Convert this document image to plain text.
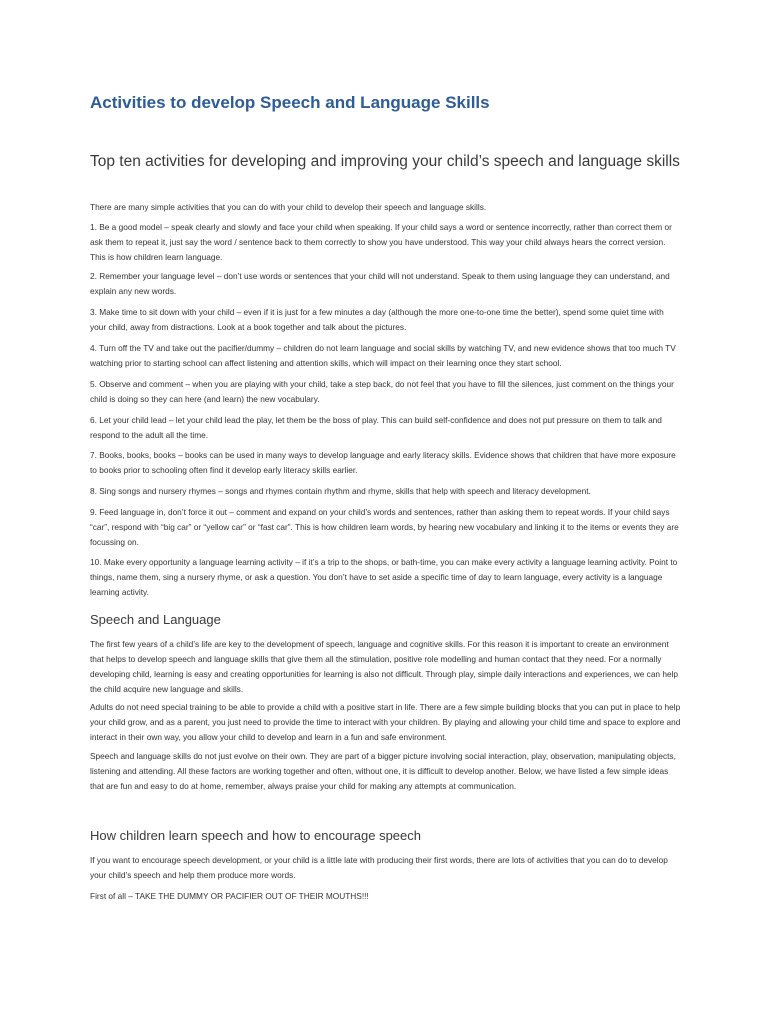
Activities to develop Speech and Language Skills
Top ten activities for developing and improving your child’s speech and language skills

There are many simple activities that you can do with your child to develop their speech and language skills.

1. Be a good model – speak clearly and slowly and face your child when speaking. If your child says a word or sentence incorrectly, rather than correct them or ask them to repeat it, just say the word / sentence back to them correctly to show you have understood. This way your child always hears the correct version. This is how children learn language.

2. Remember your language level – don’t use words or sentences that your child will not understand. Speak to them using language they can understand, and explain any new words.

3. Make time to sit down with your child – even if it is just for a few minutes a day (although the more one-to-one time the better), spend some quiet time with your child, away from distractions. Look at a book together and talk about the pictures.

4. Turn off the TV and take out the pacifier/dummy – children do not learn language and social skills by watching TV, and new evidence shows that too much TV watching prior to starting school can affect listening and attention skills, which will impact on their learning once they start school.

5. Observe and comment – when you are playing with your child, take a step back, do not feel that you have to fill the silences, just comment on the things your child is doing so they can here (and learn) the new vocabulary.

6. Let your child lead – let your child lead the play, let them be the boss of play. This can build self-confidence and does not put pressure on them to talk and respond to the adult all the time.

7. Books, books, books – books can be used in many ways to develop language and early literacy skills. Evidence shows that children that have more exposure to books prior to schooling often find it develop early literacy skills earlier.

8. Sing songs and nursery rhymes – songs and rhymes contain rhythm and rhyme, skills that help with speech and literacy development.

9. Feed language in, don’t force it out – comment and expand on your child’s words and sentences, rather than asking them to repeat words. If your child says “car”, respond with “big car” or “yellow car” or “fast car”. This is how children learn words, by hearing new vocabulary and linking it to the items or events they are focussing on.

10. Make every opportunity a language learning activity – if it’s a trip to the shops, or bath-time, you can make every activity a language learning activity. Point to things, name them, sing a nursery rhyme, or ask a question. You don’t have to set aside a specific time of day to learn language, every activity is a language learning activity.

Speech and Language

The first few years of a child’s life are key to the development of speech, language and cognitive skills. For this reason it is important to create an environment that helps to develop speech and language skills that give them all the stimulation, positive role modelling and human contact that they need. For a normally developing child, learning is easy and creating opportunities for learning is also not difficult. Through play, simple daily interactions and experiences, we can help the child acquire new language and skills.

Adults do not need special training to be able to provide a child with a positive start in life. There are a few simple building blocks that you can put in place to help your child grow, and as a parent, you just need to provide the time to interact with your children. By playing and allowing your child time and space to explore and interact in their own way, you allow your child to develop and learn in a fun and safe environment.

Speech and language skills do not just evolve on their own. They are part of a bigger picture involving social interaction, play, observation, manipulating objects, listening and attending. All these factors are working together and often, without one, it is difficult to develop another. Below, we have listed a few simple ideas that are fun and easy to do at home, remember, always praise your child for making any attempts at communication.

How children learn speech and how to encourage speech

If you want to encourage speech development, or your child is a little late with producing their first words, there are lots of activities that you can do to develop your child’s speech and help them produce more words.

First of all – TAKE THE DUMMY OR PACIFIER OUT OF THEIR MOUTHS!!!
